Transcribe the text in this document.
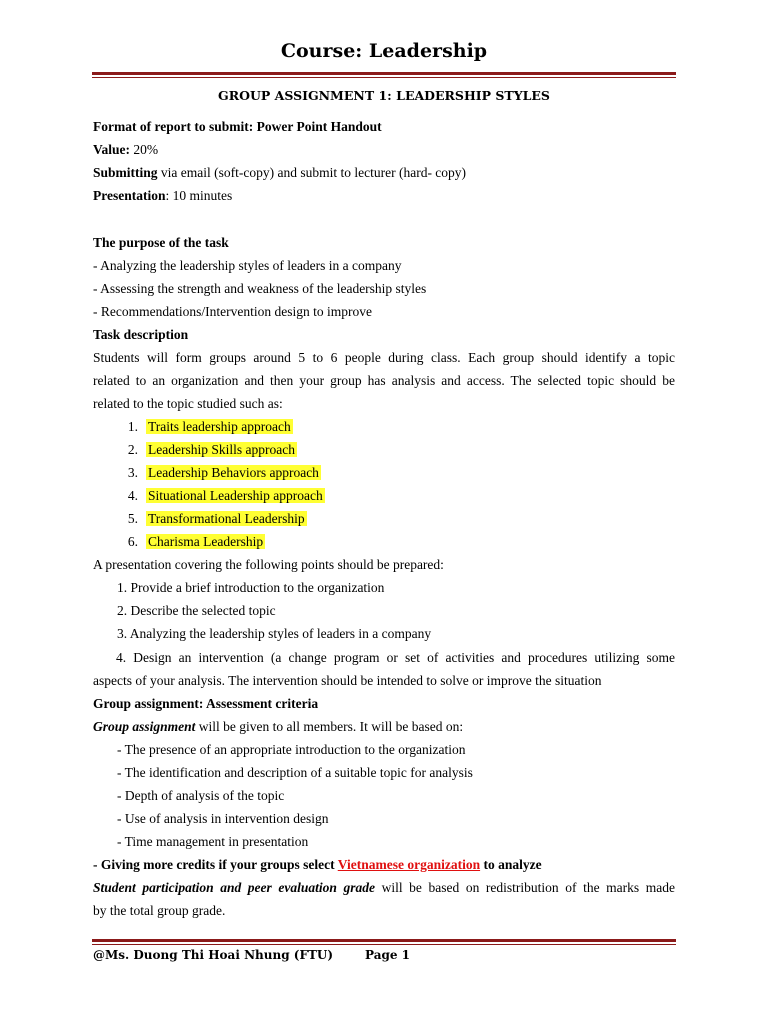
Course: Leadership
GROUP ASSIGNMENT 1: LEADERSHIP STYLES
Format of report to submit: Power Point Handout
Value: 20%
Submitting via email (soft-copy) and submit to lecturer (hard- copy)
Presentation: 10 minutes
The purpose of the task
- Analyzing the leadership styles of leaders in a company
- Assessing the strength and weakness of the leadership styles
- Recommendations/Intervention design to improve
Task description
Students will form groups around 5 to 6 people during class. Each group should identify a topic
related to an organization and then your group has analysis and access. The selected topic should be
related to the topic studied such as:
1. Traits leadership approach
2. Leadership Skills approach
3. Leadership Behaviors approach
4. Situational Leadership approach
5. Transformational Leadership
6. Charisma Leadership
A presentation covering the following points should be prepared:
1. Provide a brief introduction to the organization
2. Describe the selected topic
3. Analyzing the leadership styles of leaders in a company
4. Design an intervention (a change program or set of activities and procedures utilizing some
aspects of your analysis. The intervention should be intended to solve or improve the situation
Group assignment: Assessment criteria
Group assignment will be given to all members. It will be based on:
- The presence of an appropriate introduction to the organization
- The identification and description of a suitable topic for analysis
- Depth of analysis of the topic
- Use of analysis in intervention design
- Time management in presentation
- Giving more credits if your groups select Vietnamese organization to analyze
Student participation and peer evaluation grade will be based on redistribution of the marks made
by the total group grade.
@Ms. Duong Thi Hoai Nhung (FTU)	Page 1
